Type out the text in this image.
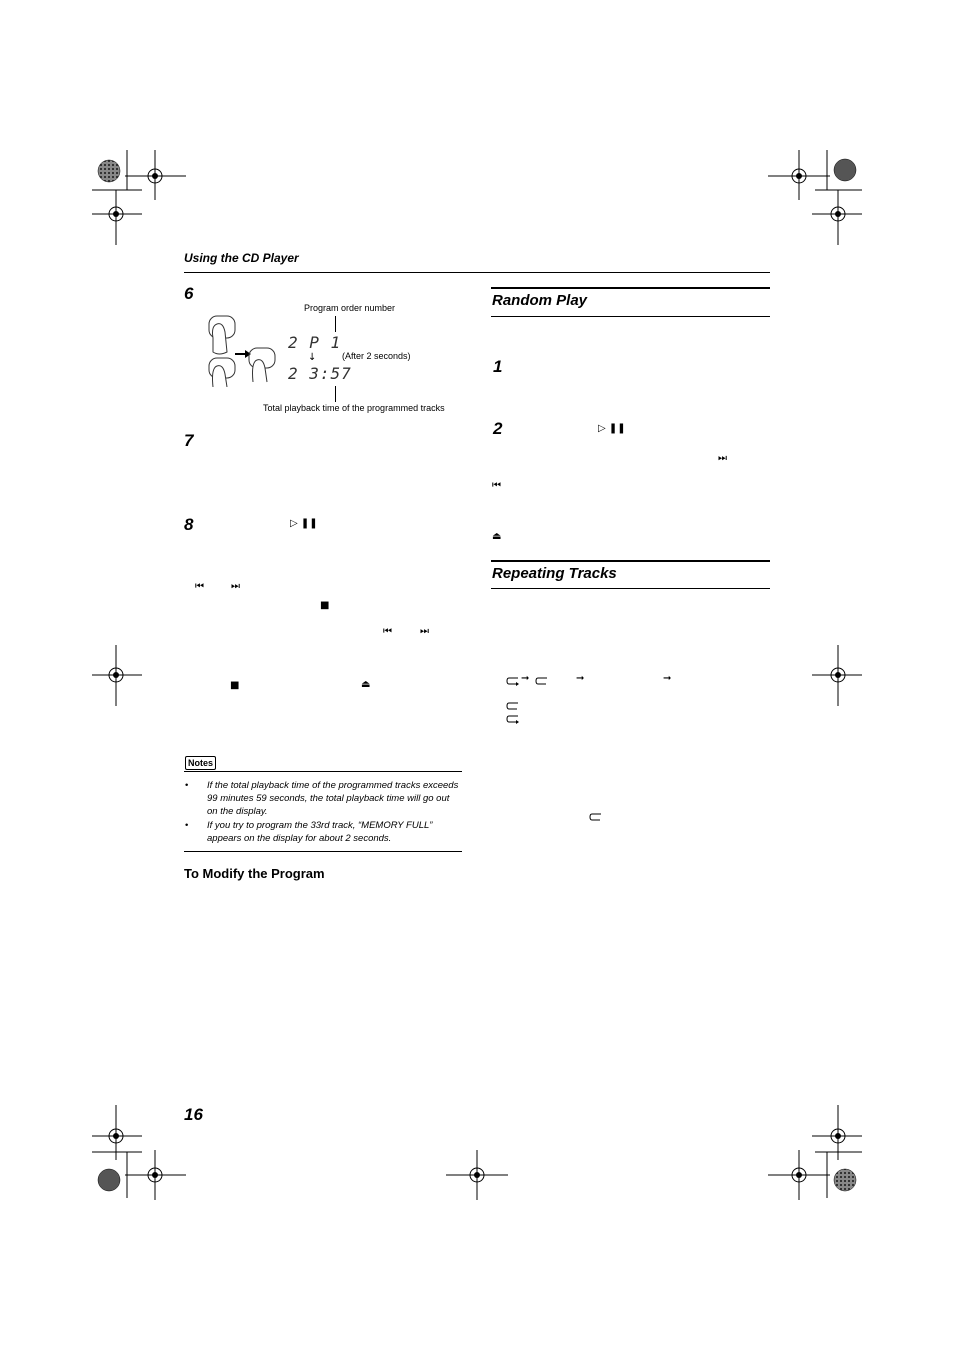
Using the CD Player
6
Program order number
2 P 1
↓	(After 2 seconds)
2 3:57
Total playback time of the programmed tracks
7
8	▷ ❚❚
⏮	⏭
■
⏮	⏭
■	⏏
Notes
• If the total playback time of the programmed tracks exceeds 99 minutes 59 seconds, the total playback time will go out on the display.
• If you try to program the 33rd track, “MEMORY FULL” appears on the display for about 2 seconds.
To Modify the Program
Random Play
1
2	▷ ❚❚
⏭
⏮
⏏
Repeating Tracks
➞	➞	➞
16
